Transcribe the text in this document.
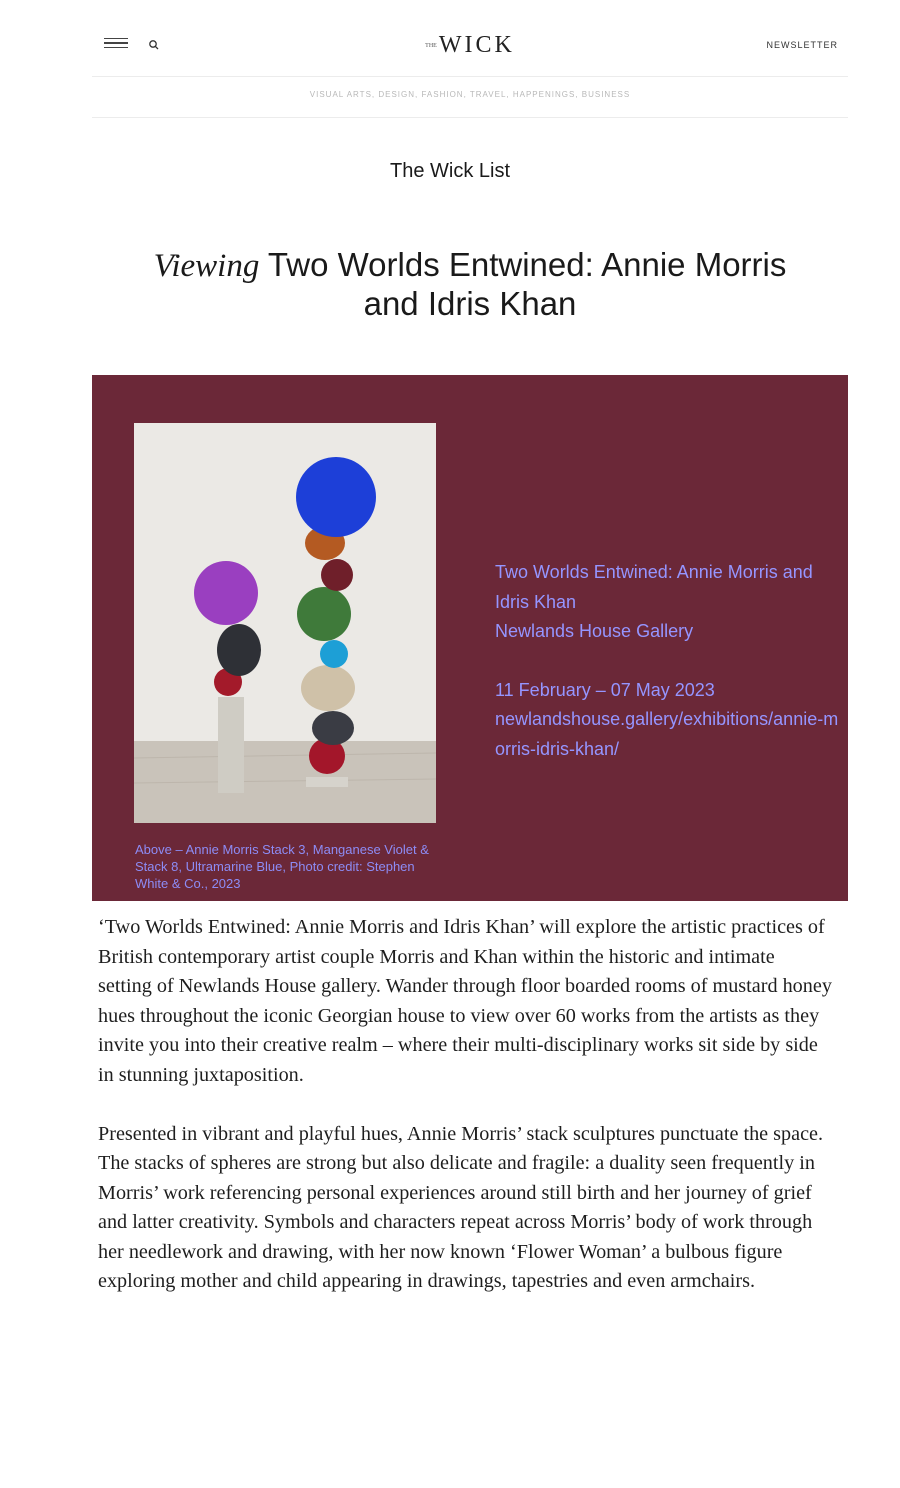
THEWICK	NEWSLETTER
VISUAL ARTS, DESIGN, FASHION, TRAVEL, HAPPENINGS, BUSINESS
The Wick List
Viewing Two Worlds Entwined: Annie Morris and Idris Khan
Above – Annie Morris Stack 3, Manganese Violet & Stack 8, Ultramarine Blue, Photo credit: Stephen White & Co., 2023
Two Worlds Entwined: Annie Morris and Idris Khan
Newlands House Gallery
11 February – 07 May 2023
newlandshouse.gallery/exhibitions/annie-morris-idris-khan/

‘Two Worlds Entwined: Annie Morris and Idris Khan’ will explore the artistic practices of British contemporary artist couple Morris and Khan within the historic and intimate setting of Newlands House gallery. Wander through floor boarded rooms of mustard honey hues throughout the iconic Georgian house to view over 60 works from the artists as they invite you into their creative realm – where their multi-disciplinary works sit side by side in stunning juxtaposition.

Presented in vibrant and playful hues, Annie Morris’ stack sculptures punctuate the space. The stacks of spheres are strong but also delicate and fragile: a duality seen frequently in Morris’ work referencing personal experiences around still birth and her journey of grief and latter creativity. Symbols and characters repeat across Morris’ body of work through her needlework and drawing, with her now known ‘Flower Woman’ a bulbous figure exploring mother and child appearing in drawings, tapestries and even armchairs.
